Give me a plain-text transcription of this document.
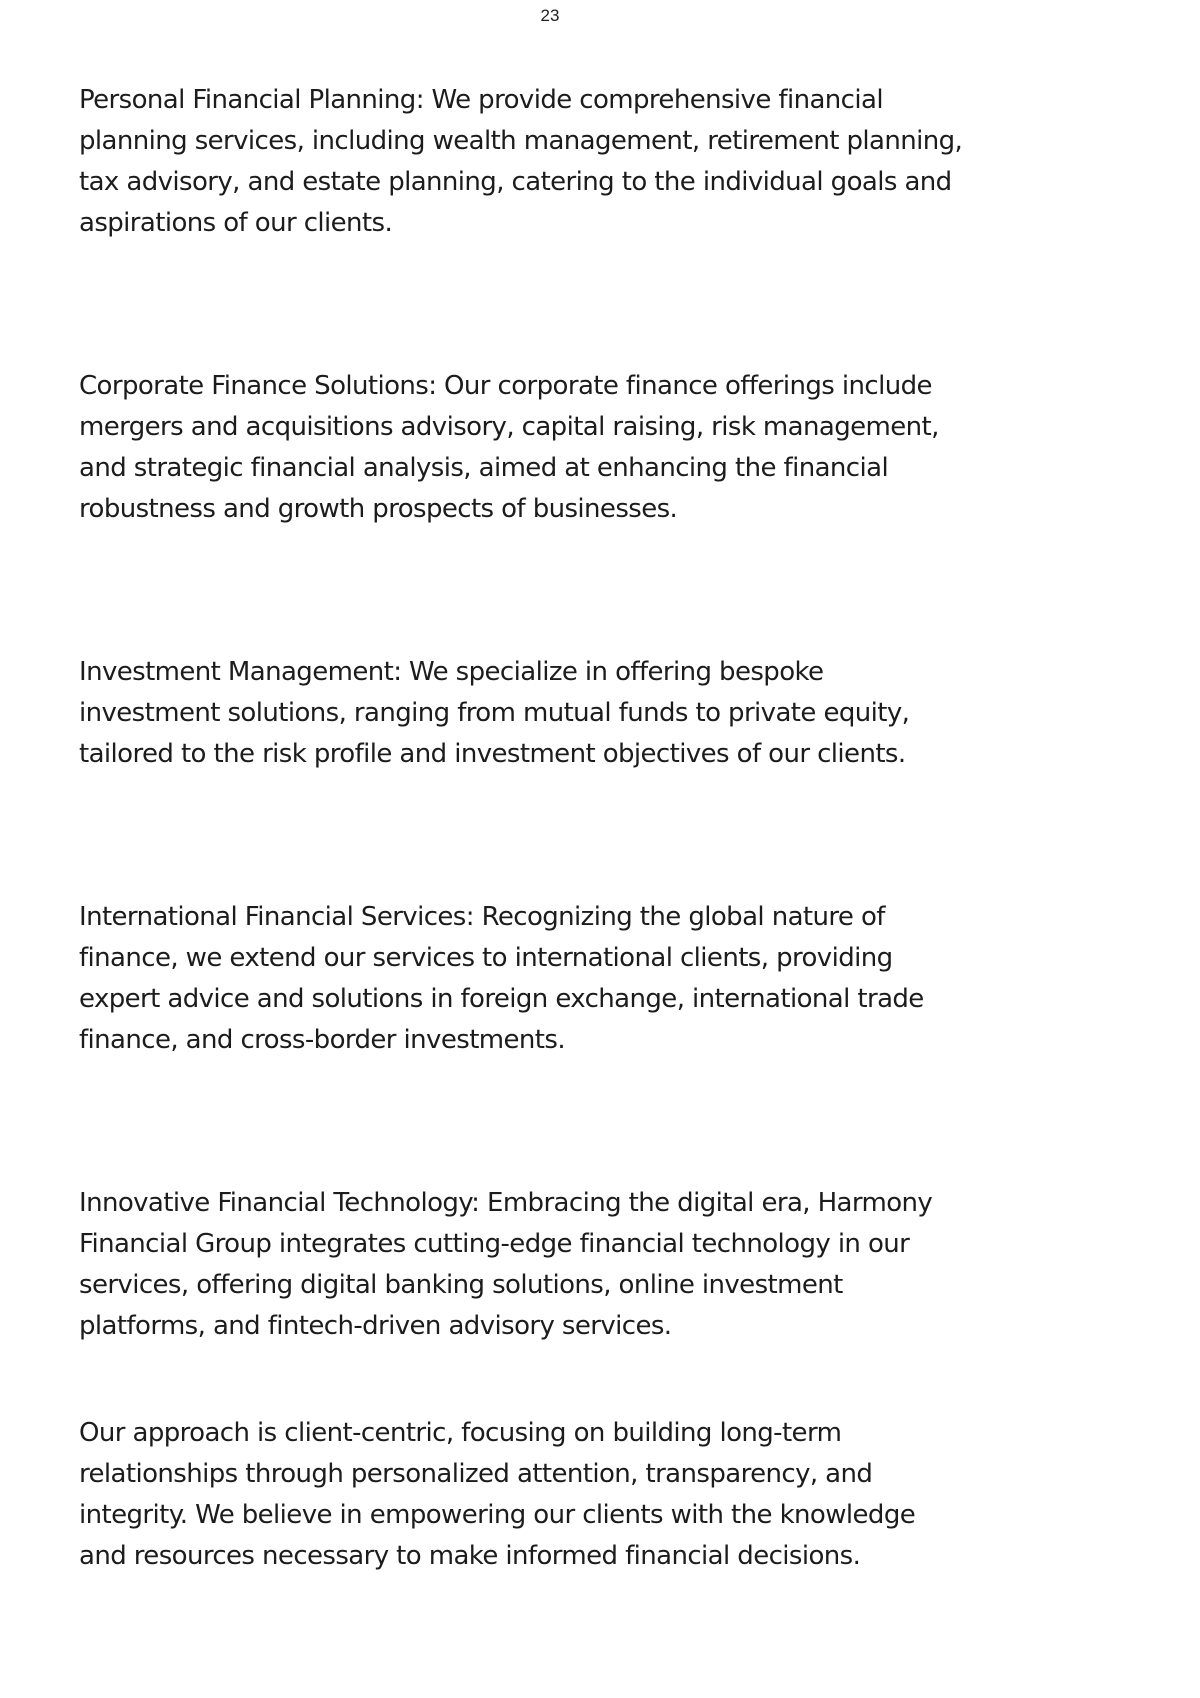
23

Personal Financial Planning: We provide comprehensive financial
planning services, including wealth management, retirement planning,
tax advisory, and estate planning, catering to the individual goals and
aspirations of our clients.

Corporate Finance Solutions: Our corporate finance offerings include
mergers and acquisitions advisory, capital raising, risk management,
and strategic financial analysis, aimed at enhancing the financial
robustness and growth prospects of businesses.

Investment Management: We specialize in offering bespoke
investment solutions, ranging from mutual funds to private equity,
tailored to the risk profile and investment objectives of our clients.

International Financial Services: Recognizing the global nature of
finance, we extend our services to international clients, providing
expert advice and solutions in foreign exchange, international trade
finance, and cross-border investments.

Innovative Financial Technology: Embracing the digital era, Harmony
Financial Group integrates cutting-edge financial technology in our
services, offering digital banking solutions, online investment
platforms, and fintech-driven advisory services.

Our approach is client-centric, focusing on building long-term
relationships through personalized attention, transparency, and
integrity. We believe in empowering our clients with the knowledge
and resources necessary to make informed financial decisions.
